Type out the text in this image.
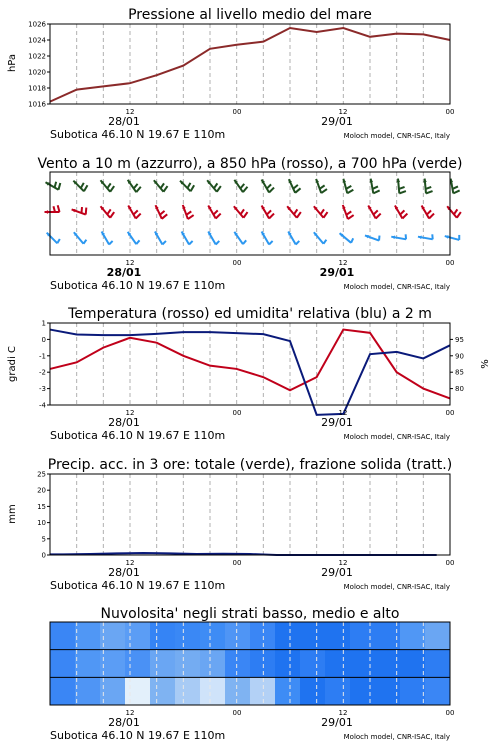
Pressione al livello medio del mare
hPa
1016
1018
1020
1022
1024
1026
12	00	12	00
28/01	29/01
Subotica 46.10 N 19.67 E 110m	Moloch model, CNR-ISAC, Italy
Vento a 10 m (azzurro), a 850 hPa (rosso), a 700 hPa (verde)
12	00	12	00
28/01	29/01
Subotica 46.10 N 19.67 E 110m	Moloch model, CNR-ISAC, Italy
Temperatura (rosso) ed umidita' relativa (blu) a 2 m
gradi C	%
-4
-3
-2
-1
0
1
80
85
90
95
12	00	12	00
28/01	29/01
Subotica 46.10 N 19.67 E 110m	Moloch model, CNR-ISAC, Italy
Precip. acc. in 3 ore: totale (verde), frazione solida (tratt.)
mm
0
5
10
15
20
25
12	00	12	00
28/01	29/01
Subotica 46.10 N 19.67 E 110m	Moloch model, CNR-ISAC, Italy
Nuvolosita' negli strati basso, medio e alto
12	00	12	00
28/01	29/01
Subotica 46.10 N 19.67 E 110m	Moloch model, CNR-ISAC, Italy
